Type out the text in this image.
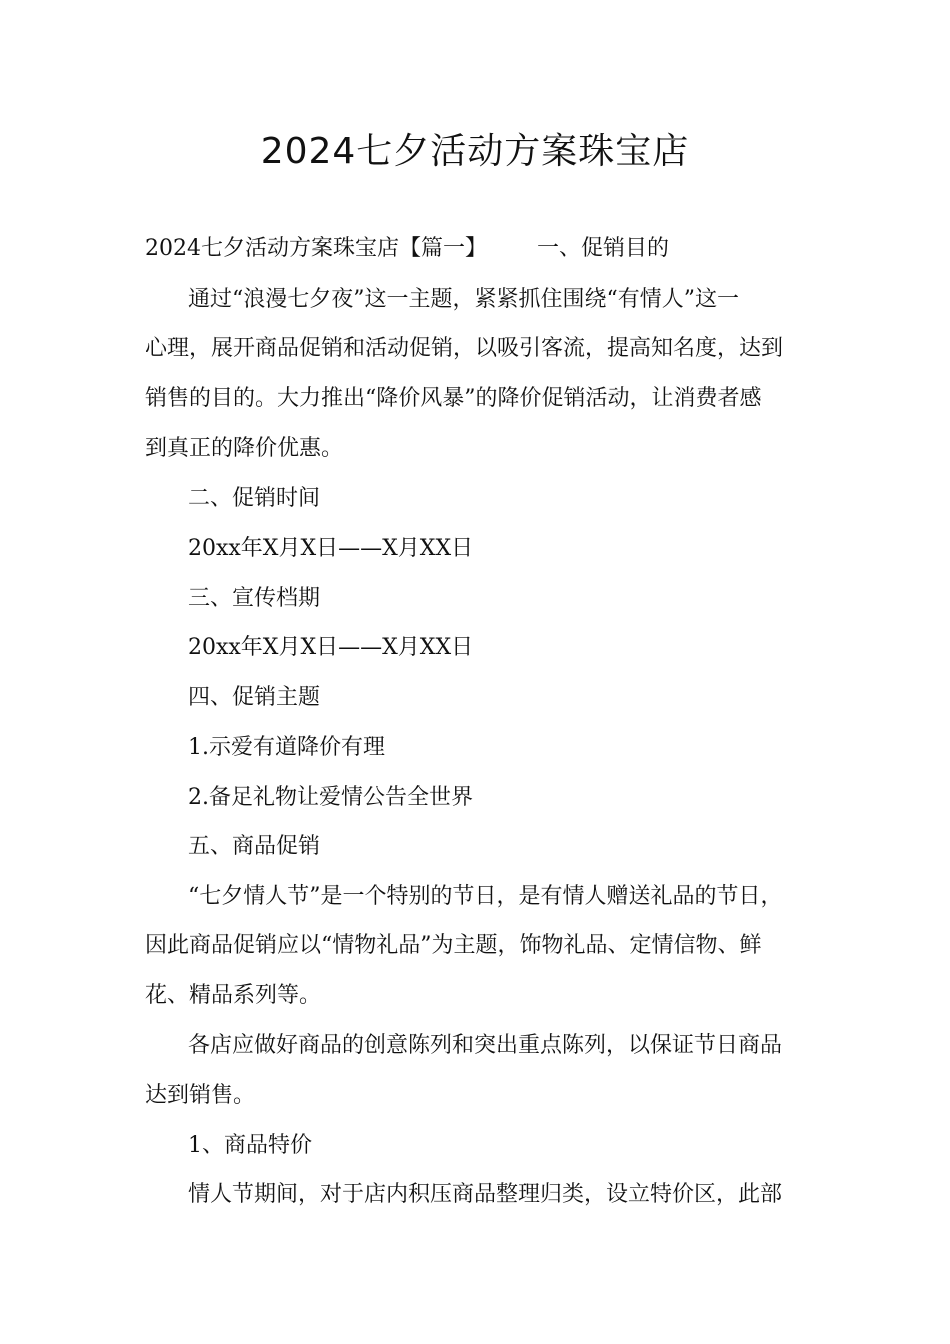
2024七夕活动方案珠宝店
2024七夕活动方案珠宝店【篇一】 一、促销目的
通过“浪漫七夕夜”这一主题，紧紧抓住围绕“有情人”这一
心理，展开商品促销和活动促销，以吸引客流，提高知名度，达到
销售的目的。大力推出“降价风暴”的降价促销活动，让消费者感
到真正的降价优惠。
二、促销时间
20xx年X月X日——X月XX日
三、宣传档期
20xx年X月X日——X月XX日
四、促销主题
1.示爱有道降价有理
2.备足礼物让爱情公告全世界
五、商品促销
“七夕情人节”是一个特别的节日，是有情人赠送礼品的节日，
因此商品促销应以“情物礼品”为主题，饰物礼品、定情信物、鲜
花、精品系列等。
各店应做好商品的创意陈列和突出重点陈列，以保证节日商品
达到销售。
1、商品特价
情人节期间，对于店内积压商品整理归类，设立特价区，此部
